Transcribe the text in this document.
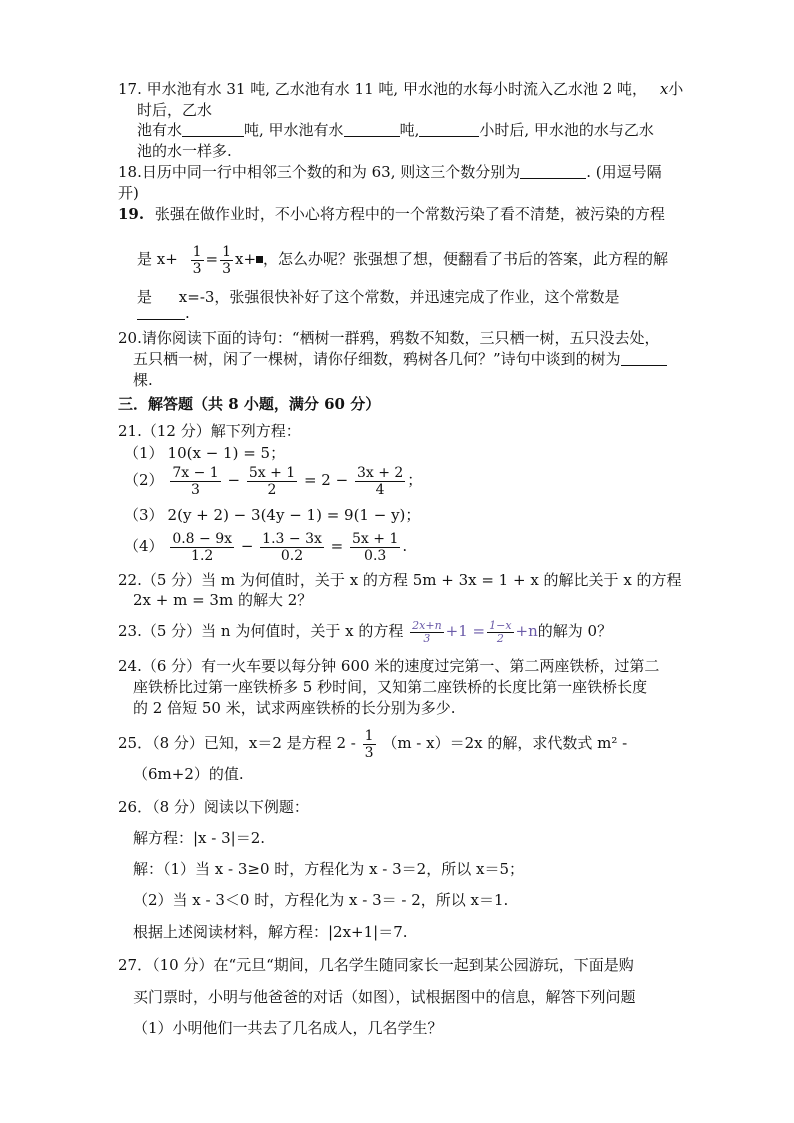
17. 甲水池有水 31 吨, 乙水池有水 11 吨, 甲水池的水每小时流入乙水池 2 吨， x小
时后，乙水
池有水	吨, 甲水池有水	吨,	小时后, 甲水池的水与乙水
池的水一样多.
18.日历中同一行中相邻三个数的和为 63, 则这三个数分别为	. (用逗号隔
开)
19. 张强在做作业时，不小心将方程中的一个常数污染了看不清楚，被污染的方程
是 $x+ \frac{1}{3} = \frac{1}{3} x+$ ，怎么办呢？张强想了想，便翻看了书后的答案，此方程的解
是 x=-3，张强很快补好了这个常数，并迅速完成了作业，这个常数是
.
20.请你阅读下面的诗句：“栖树一群鸦，鸦数不知数，三只栖一树，五只没去处，
五只栖一树，闲了一棵树，请你仔细数，鸦树各几何？”诗句中谈到的树为
棵.
三．解答题（共 8 小题，满分 60 分）
21.（12 分）解下列方程：
（1） 10(x − 1) = 5；
$(2) \frac{7x - 1}{3} - \frac{5x + 1}{2} = 2 - \frac{3x + 2}{4}$ ；
（3） 2(y + 2) − 3(4y − 1) = 9(1 − y)；
$(4) \frac{0.8 - 9x}{1.2} - \frac{1.3 - 3x}{0.2} = \frac{5x + 1}{0.3}$ .
22.（5 分）当 m 为何值时，关于 x 的方程 5m + 3x = 1 + x 的解比关于 x 的方程
2x + m = 3m 的解大 2？
23.（5 分）当 n 为何值时，关于 x 的方程 $\frac{2x+n}{3} +1 = \frac{1-x}{2} +n$的解为 0？
24.（6 分）有一火车要以每分钟 600 米的速度过完第一、第二两座铁桥，过第二
座铁桥比过第一座铁桥多 5 秒时间，又知第二座铁桥的长度比第一座铁桥长度
的 2 倍短 50 米，试求两座铁桥的长分别为多少.
25．（8 分）已知，x＝2 是方程 $2 - \frac{1}{3} (m - x)=2x$ 的解，求代数式 m² -
（6m+2）的值.
26．（8 分）阅读以下例题：
解方程：|x - 3|＝2.
解：（1）当 x - 3≥0 时，方程化为 x - 3＝2，所以 x＝5；
（2）当 x - 3＜0 时，方程化为 x - 3＝ - 2，所以 x＝1.
根据上述阅读材料，解方程：|2x+1|＝7.
27．（10 分）在“元旦“期间，几名学生随同家长一起到某公园游玩，下面是购
买门票时，小明与他爸爸的对话（如图），试根据图中的信息，解答下列问题
（1）小明他们一共去了几名成人，几名学生？
